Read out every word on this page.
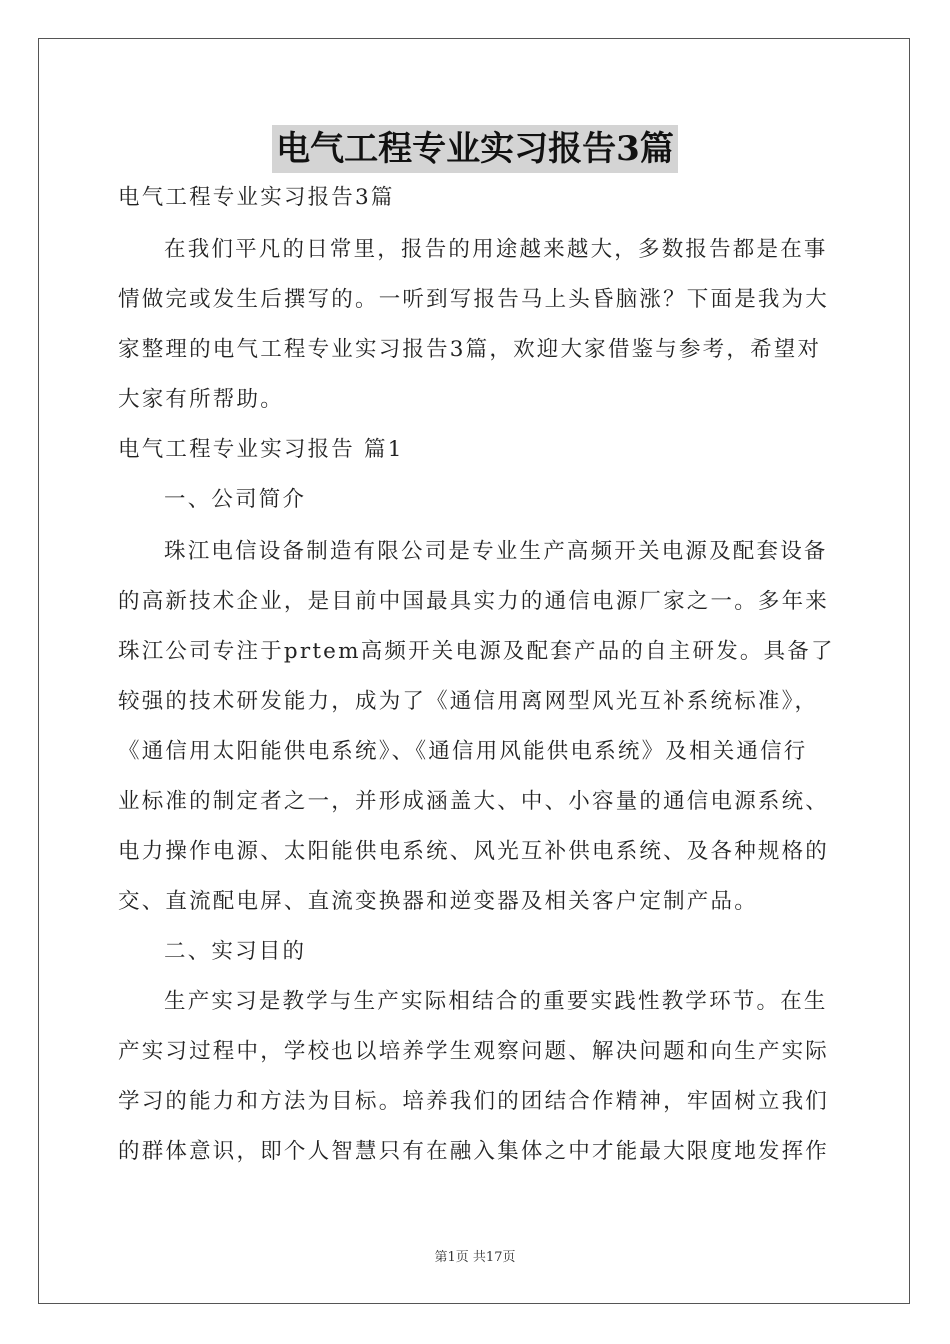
电气工程专业实习报告3篇
电气工程专业实习报告3篇
在我们平凡的日常里，报告的用途越来越大，多数报告都是在事
情做完或发生后撰写的。一听到写报告马上头昏脑涨？下面是我为大
家整理的电气工程专业实习报告3篇，欢迎大家借鉴与参考，希望对
大家有所帮助。
电气工程专业实习报告 篇1
一、公司简介
珠江电信设备制造有限公司是专业生产高频开关电源及配套设备
的高新技术企业，是目前中国最具实力的通信电源厂家之一。多年来
珠江公司专注于prtem高频开关电源及配套产品的自主研发。具备了
较强的技术研发能力，成为了《通信用离网型风光互补系统标准》，
《通信用太阳能供电系统》、《通信用风能供电系统》及相关通信行
业标准的制定者之一，并形成涵盖大、中、小容量的通信电源系统、
电力操作电源、太阳能供电系统、风光互补供电系统、及各种规格的
交、直流配电屏、直流变换器和逆变器及相关客户定制产品。
二、实习目的
生产实习是教学与生产实际相结合的重要实践性教学环节。在生
产实习过程中，学校也以培养学生观察问题、解决问题和向生产实际
学习的能力和方法为目标。培养我们的团结合作精神，牢固树立我们
的群体意识，即个人智慧只有在融入集体之中才能最大限度地发挥作
第1页 共17页
